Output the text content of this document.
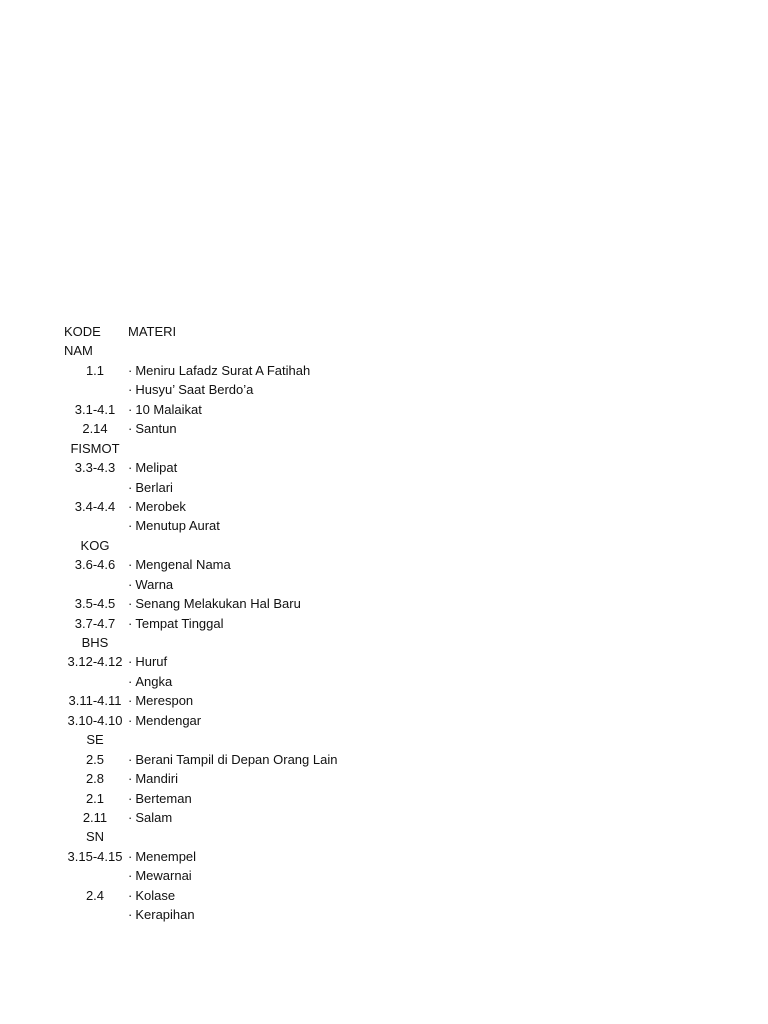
KODE	MATERI
NAM
1.1	· Meniru Lafadz Surat A Fatihah
· Husyu’ Saat Berdo’a
3.1-4.1 · 10 Malaikat
2.14	· Santun
FISMOT
3.3-4.3 · Melipat
· Berlari
3.4-4.4 · Merobek
· Menutup Aurat
KOG
3.6-4.6 · Mengenal Nama
· Warna
3.5-4.5 · Senang Melakukan Hal Baru
3.7-4.7 · Tempat Tinggal
BHS
3.12-4.12 · Huruf
· Angka
3.11-4.11 · Merespon
3.10-4.10 · Mendengar
SE
2.5	· Berani Tampil di Depan Orang Lain
2.8	· Mandiri
2.1	· Berteman
2.11	· Salam
SN
3.15-4.15 · Menempel
· Mewarnai
2.4	· Kolase
· Kerapihan
